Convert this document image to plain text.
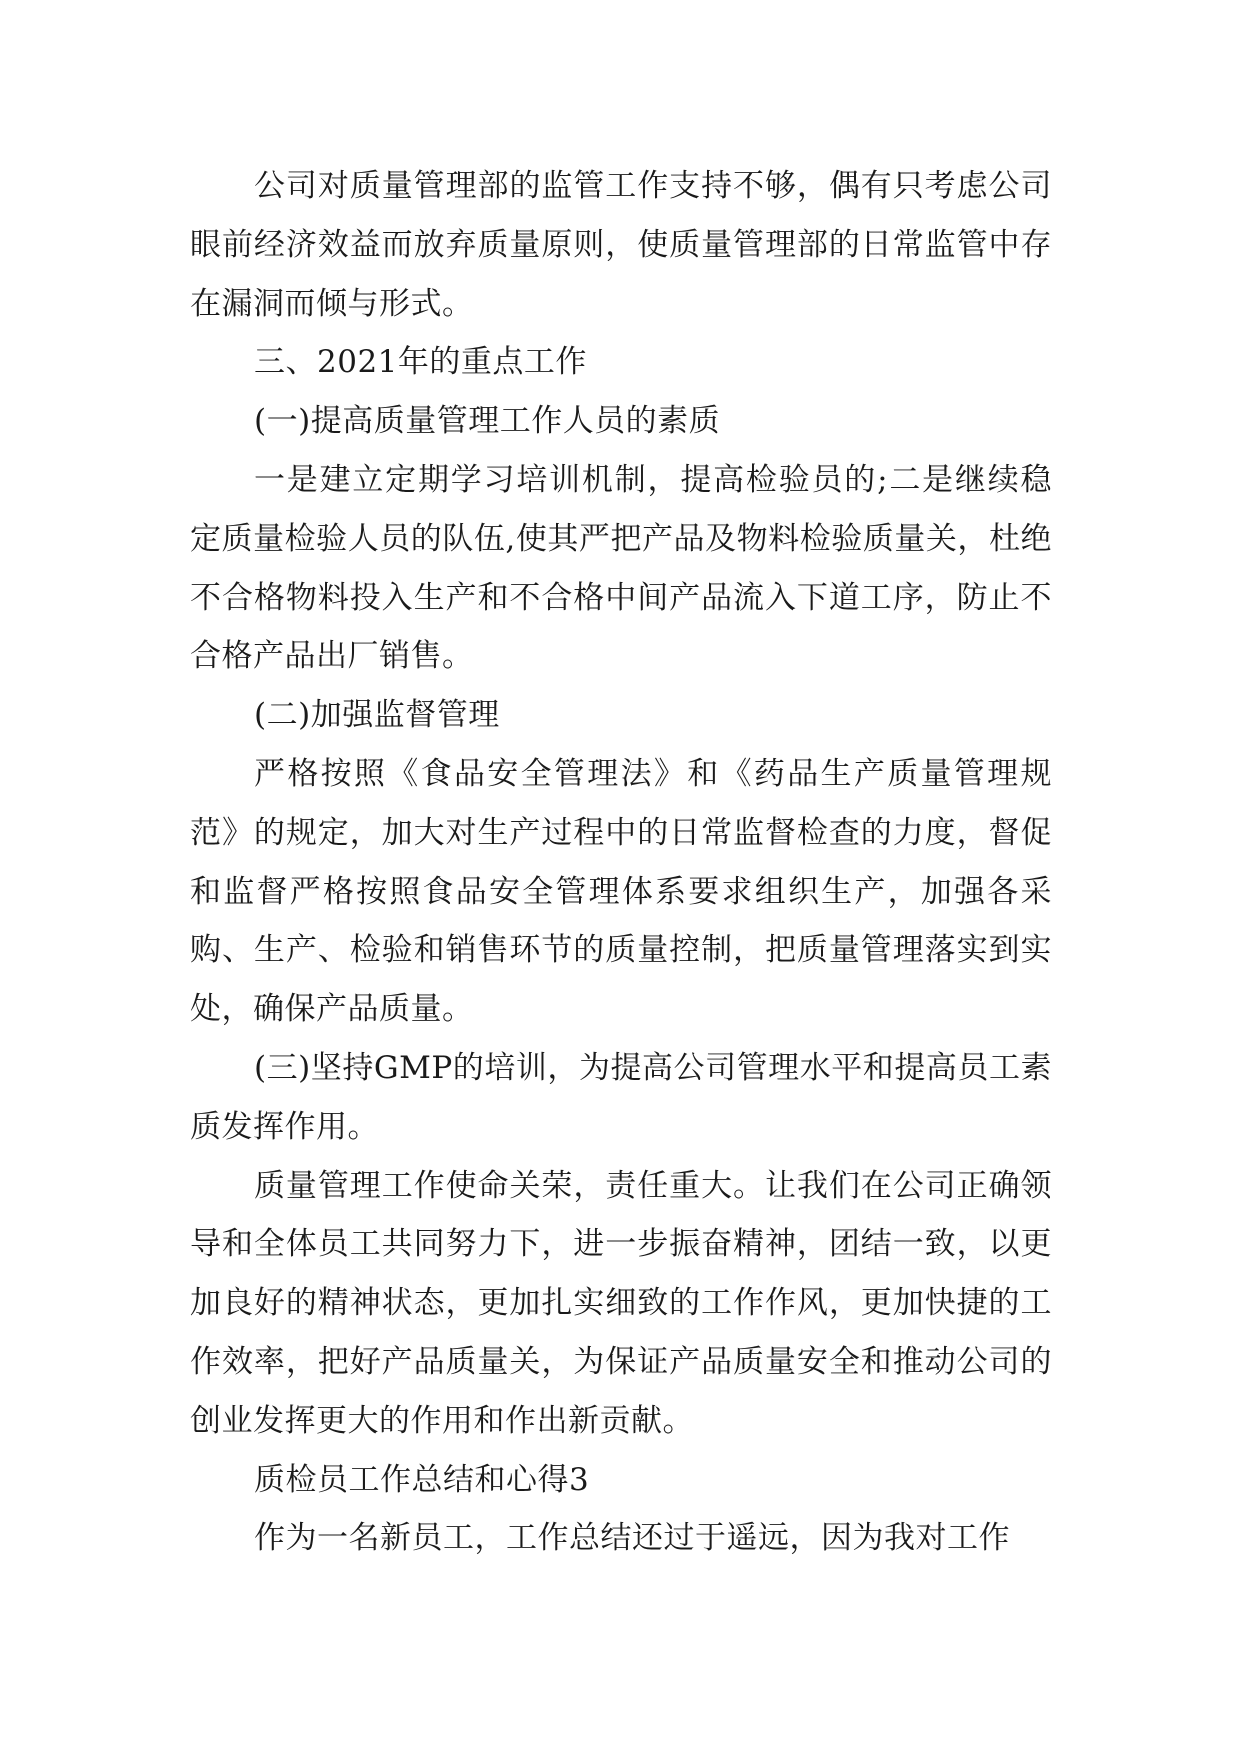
公司对质量管理部的监管工作支持不够，偶有只考虑公司眼前经济效益而放弃质量原则，使质量管理部的日常监管中存在漏洞而倾与形式。

三、2021年的重点工作

(一)提高质量管理工作人员的素质

一是建立定期学习培训机制，提高检验员的;二是继续稳定质量检验人员的队伍,使其严把产品及物料检验质量关，杜绝不合格物料投入生产和不合格中间产品流入下道工序，防止不合格产品出厂销售。

(二)加强监督管理

严格按照《食品安全管理法》和《药品生产质量管理规范》的规定，加大对生产过程中的日常监督检查的力度，督促和监督严格按照食品安全管理体系要求组织生产，加强各采购、生产、检验和销售环节的质量控制，把质量管理落实到实处，确保产品质量。

(三)坚持GMP的培训，为提高公司管理水平和提高员工素质发挥作用。

质量管理工作使命关荣，责任重大。让我们在公司正确领导和全体员工共同努力下，进一步振奋精神，团结一致，以更加良好的精神状态，更加扎实细致的工作作风，更加快捷的工作效率，把好产品质量关，为保证产品质量安全和推动公司的创业发挥更大的作用和作出新贡献。

质检员工作总结和心得3

作为一名新员工，工作总结还过于遥远，因为我对工作
